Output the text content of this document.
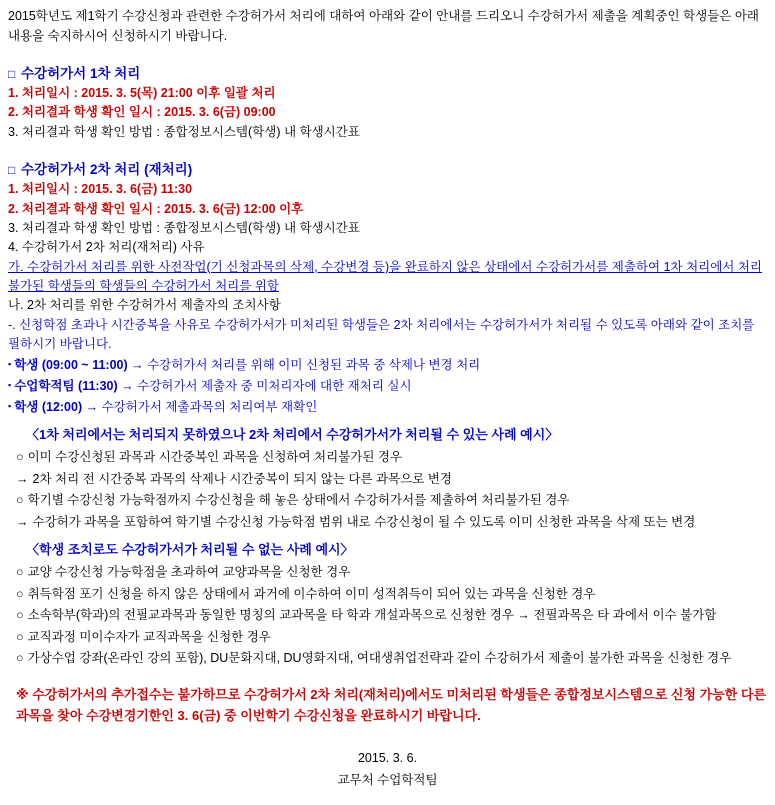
2015학년도 제1학기 수강신청과 관련한 수강허가서 처리에 대하여 아래와 같이 안내를 드리오니 수강허가서 제출을 계획중인 학생들은 아래 내용을 숙지하시어 신청하시기 바랍니다.
□ 수강허가서 1차 처리
1. 처리일시 : 2015. 3. 5(목) 21:00 이후 일괄 처리
2. 처리결과 학생 확인 일시 : 2015. 3. 6(금) 09:00
3. 처리결과 학생 확인 방법 : 종합정보시스템(학생) 내 학생시간표
□ 수강허가서 2차 처리 (재처리)
1. 처리일시 : 2015. 3. 6(금) 11:30
2. 처리결과 학생 확인 일시 : 2015. 3. 6(금) 12:00 이후
3. 처리결과 학생 확인 방법 : 종합정보시스템(학생) 내 학생시간표
4. 수강허가서 2차 처리(재처리) 사유
가. 수강허가서 처리를 위한 사전작업(기 신청과목의 삭제, 수강변경 등)을 완료하지 않은 상태에서 수강허가서를 제출하여 1차 처리에서 처리불가된 학생들의 학생들의 수강허가서 처리를 위함
나. 2차 처리를 위한 수강허가서 제출자의 조치사항
-. 신청학점 초과나 시간중복을 사유로 수강허가서가 미처리된 학생들은 2차 처리에서는 수강허가서가 처리될 수 있도록 아래와 같이 조치를 필하시기 바랍니다.
▪ 학생 (09:00 ~ 11:00) → 수강허가서 처리를 위해 이미 신청된 과목 중 삭제나 변경 처리
▪ 수업학적팀 (11:30) → 수강허가서 제출자 중 미처리자에 대한 재처리 실시
▪ 학생 (12:00) → 수강허가서 제출과목의 처리여부 재확인
〈1차 처리에서는 처리되지 못하였으나 2차 처리에서 수강허가서가 처리될 수 있는 사례 예시〉
○ 이미 수강신청된 과목과 시간중복인 과목을 신청하여 처리불가된 경우
→ 2차 처리 전 시간중복 과목의 삭제나 시간중복이 되지 않는 다른 과목으로 변경
○ 학기별 수강신청 가능학점까지 수강신청을 해 놓은 상태에서 수강허가서를 제출하여 처리불가된 경우
→ 수강허가 과목을 포함하여 학기별 수강신청 가능학점 범위 내로 수강신청이 될 수 있도록 이미 신청한 과목을 삭제 또는 변경
〈학생 조치로도 수강허가서가 처리될 수 없는 사례 예시〉
○ 교양 수강신청 가능학점을 초과하여 교양과목을 신청한 경우
○ 취득학점 포기 신청을 하지 않은 상태에서 과거에 이수하여 이미 성적취득이 되어 있는 과목을 신청한 경우
○ 소속학부(학과)의 전필교과목과 동일한 명칭의 교과목을 타 학과 개설과목으로 신청한 경우 → 전필과목은 타 과에서 이수 불가함
○ 교직과정 미이수자가 교직과목을 신청한 경우
○ 가상수업 강좌(온라인 강의 포함), DU문화지대, DU영화지대, 여대생취업전략과 같이 수강허가서 제출이 불가한 과목을 신청한 경우
※ 수강허가서의 추가접수는 불가하므로 수강허가서 2차 처리(재처리)에서도 미처리된 학생들은 종합정보시스템으로 신청 가능한 다른 과목을 찾아 수강변경기한인 3. 6(금) 중 이번학기 수강신청을 완료하시기 바랍니다.
2015. 3. 6.
교무처 수업학적팀
